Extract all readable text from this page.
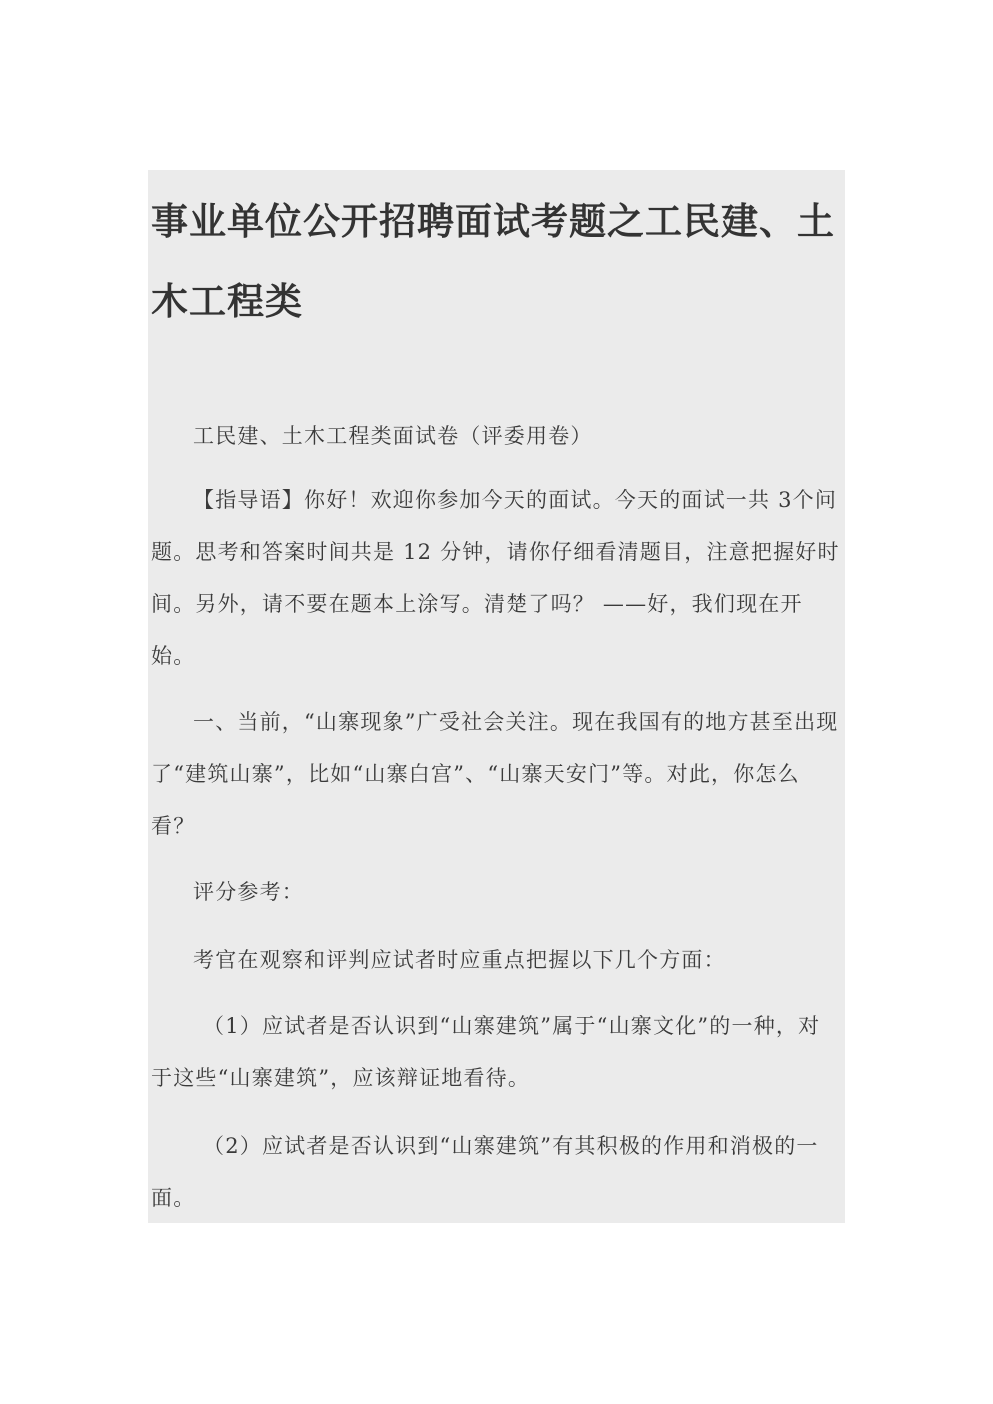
事业单位公开招聘面试考题之工民建、土木工程类

工民建、土木工程类面试卷（评委用卷）

【指导语】你好！欢迎你参加今天的面试。今天的面试一共 3个问题。思考和答案时间共是 12 分钟，请你仔细看清题目，注意把握好时间。另外，请不要在题本上涂写。清楚了吗？ ——好，我们现在开始。

一、当前，“山寨现象”广受社会关注。现在我国有的地方甚至出现了“建筑山寨”，比如“山寨白宫”、“山寨天安门”等。对此，你怎么看？

评分参考：

考官在观察和评判应试者时应重点把握以下几个方面：

（1）应试者是否认识到“山寨建筑”属于“山寨文化”的一种，对于这些“山寨建筑”，应该辩证地看待。

（2）应试者是否认识到“山寨建筑”有其积极的作用和消极的一面。
